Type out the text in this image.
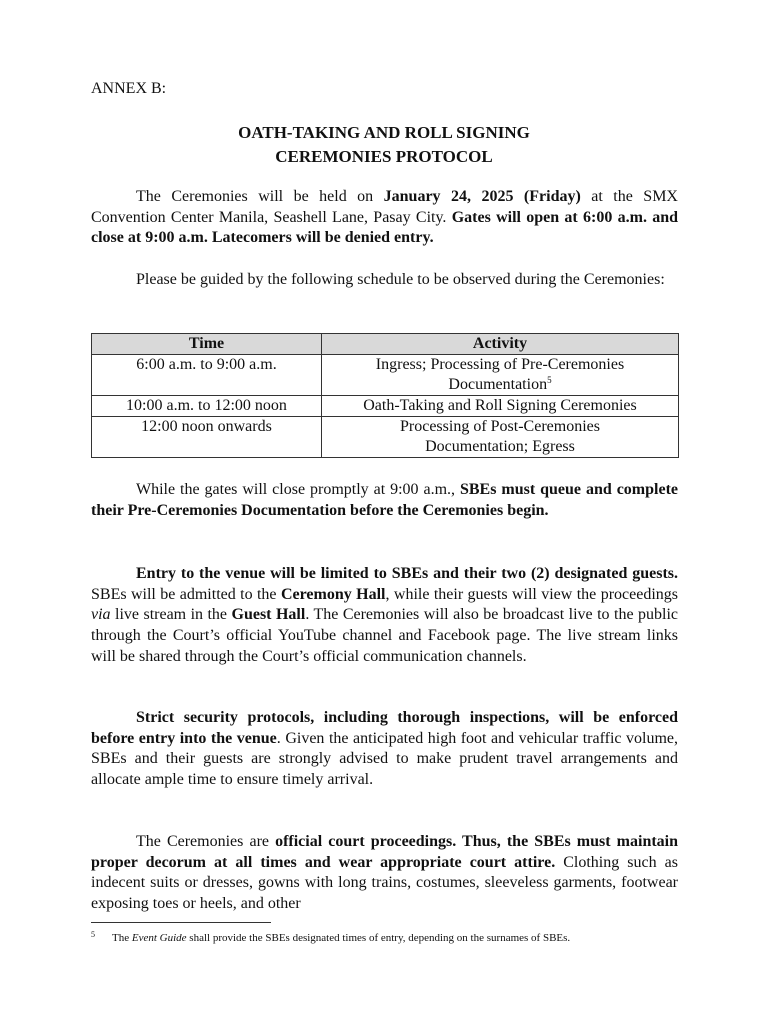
ANNEX B:
OATH-TAKING AND ROLL SIGNING
CEREMONIES PROTOCOL
The Ceremonies will be held on January 24, 2025 (Friday) at the SMX Convention Center Manila, Seashell Lane, Pasay City. Gates will open at 6:00 a.m. and close at 9:00 a.m. Latecomers will be denied entry.
Please be guided by the following schedule to be observed during the Ceremonies:
Time	Activity
6:00 a.m. to 9:00 a.m.	Ingress; Processing of Pre-Ceremonies
Documentation$^5$
10:00 a.m. to 12:00 noon	Oath-Taking and Roll Signing Ceremonies
12:00 noon onwards	Processing of Post-Ceremonies
Documentation; Egress
While the gates will close promptly at 9:00 a.m., SBEs must queue and complete their Pre-Ceremonies Documentation before the Ceremonies begin.
Entry to the venue will be limited to SBEs and their two (2) designated guests. SBEs will be admitted to the Ceremony Hall, while their guests will view the proceedings via live stream in the Guest Hall. The Ceremonies will also be broadcast live to the public through the Court’s official YouTube channel and Facebook page. The live stream links will be shared through the Court’s official communication channels.
Strict security protocols, including thorough inspections, will be enforced before entry into the venue. Given the anticipated high foot and vehicular traffic volume, SBEs and their guests are strongly advised to make prudent travel arrangements and allocate ample time to ensure timely arrival.
The Ceremonies are official court proceedings. Thus, the SBEs must maintain proper decorum at all times and wear appropriate court attire. Clothing such as indecent suits or dresses, gowns with long trains, costumes, sleeveless garments, footwear exposing toes or heels, and other
5 The Event Guide shall provide the SBEs designated times of entry, depending on the surnames of SBEs.
